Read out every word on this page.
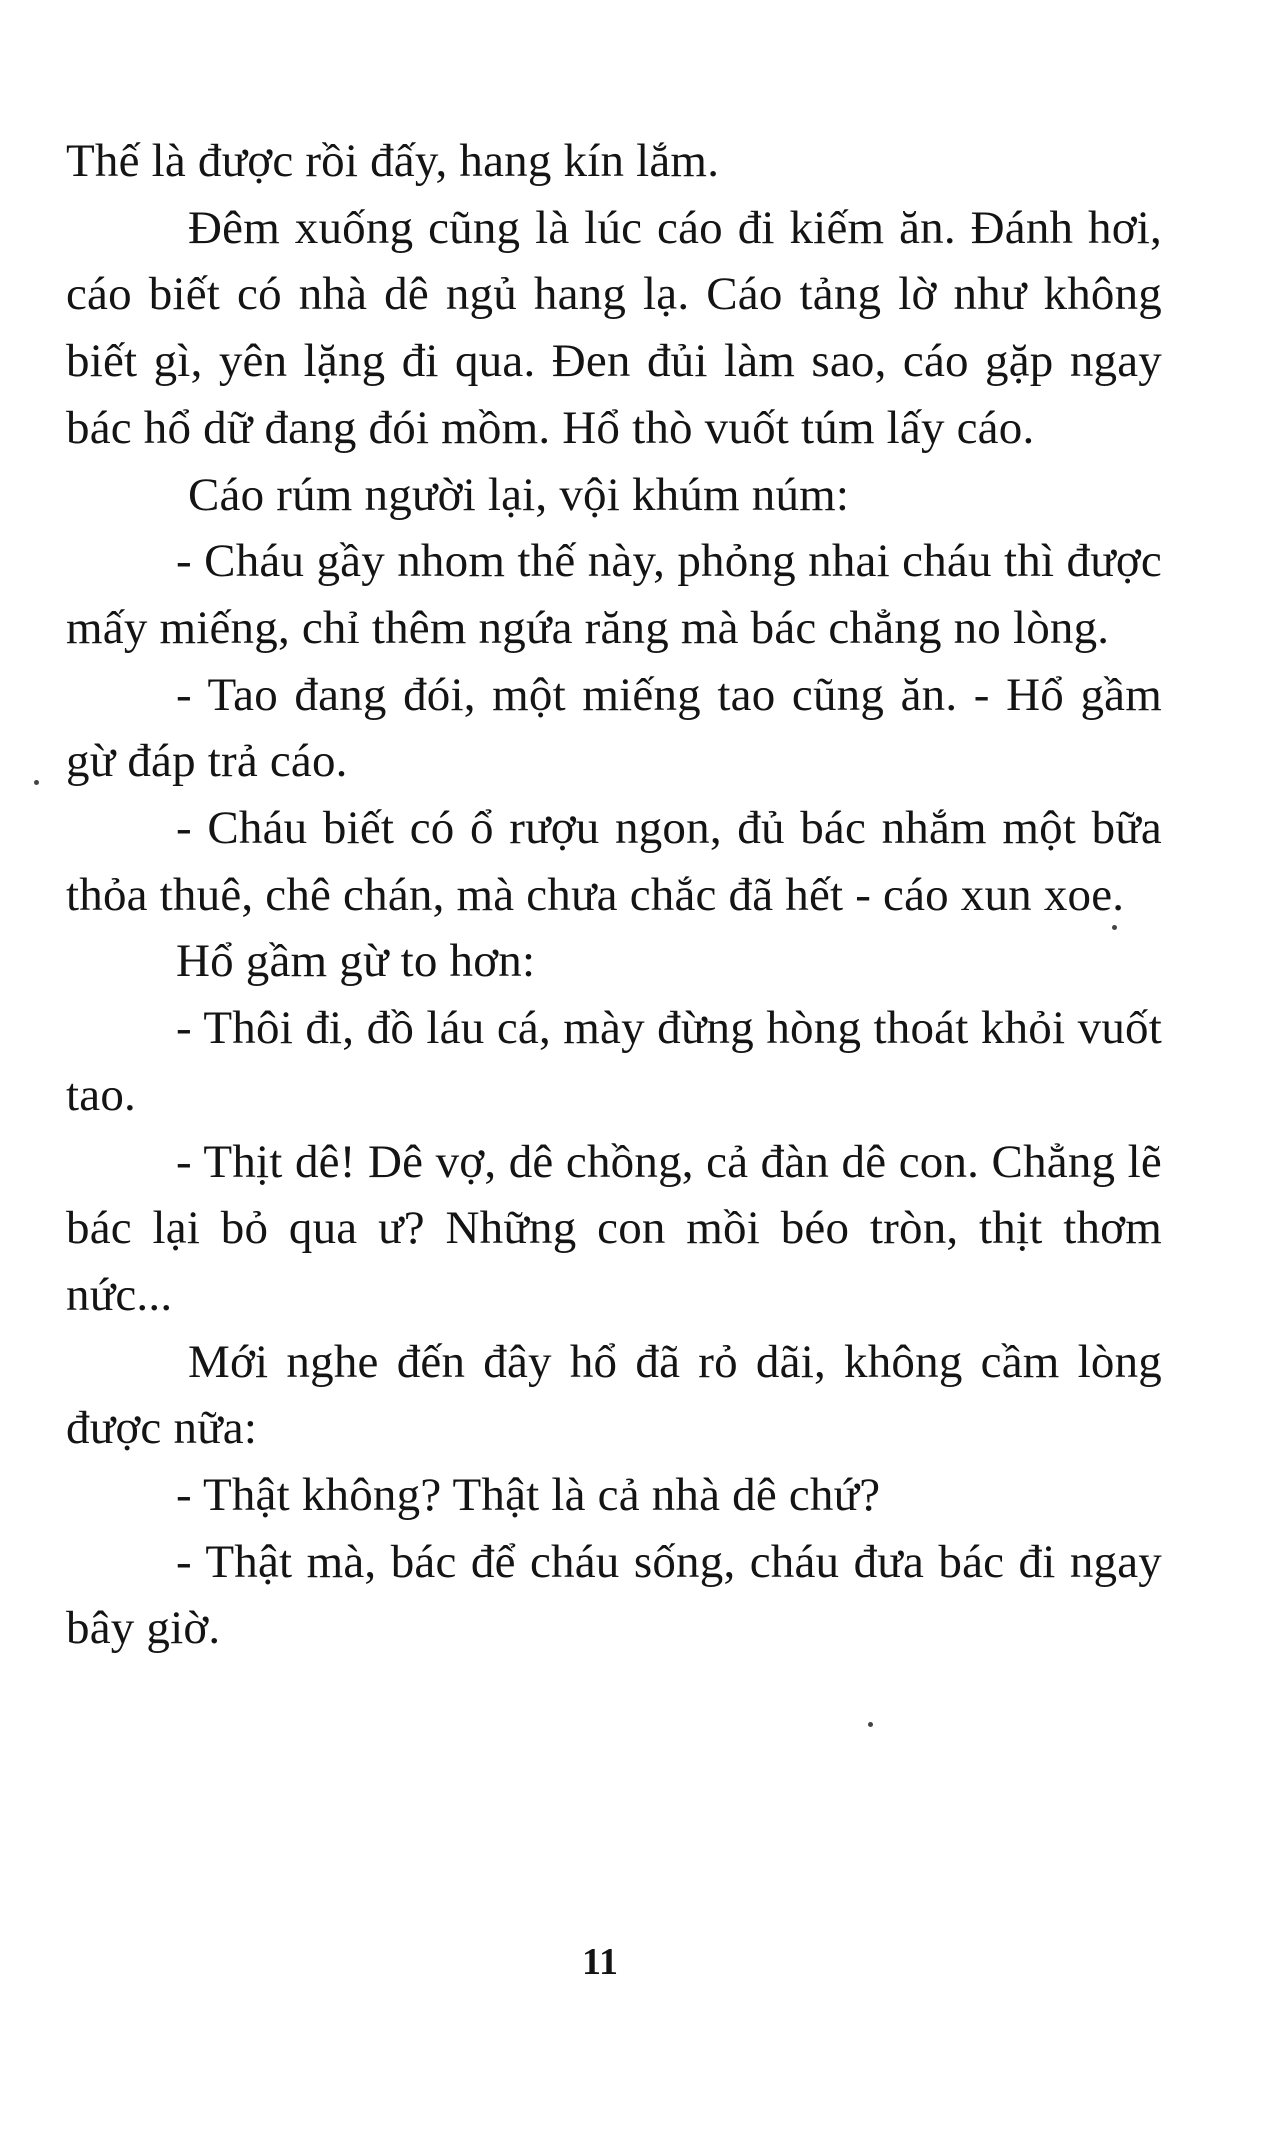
Thế là được rồi đấy, hang kín lắm.

Đêm xuống cũng là lúc cáo đi kiếm ăn. Đánh hơi, cáo biết có nhà dê ngủ hang lạ. Cáo tảng lờ như không biết gì, yên lặng đi qua. Đen đủi làm sao, cáo gặp ngay bác hổ dữ đang đói mồm. Hổ thò vuốt túm lấy cáo.

Cáo rúm người lại, vội khúm núm:

- Cháu gầy nhom thế này, phỏng nhai cháu thì được mấy miếng, chỉ thêm ngứa răng mà bác chẳng no lòng.

- Tao đang đói, một miếng tao cũng ăn. - Hổ gầm gừ đáp trả cáo.

- Cháu biết có ổ rượu ngon, đủ bác nhắm một bữa thỏa thuê, chê chán, mà chưa chắc đã hết - cáo xun xoe.

Hổ gầm gừ to hơn:

- Thôi đi, đồ láu cá, mày đừng hòng thoát khỏi vuốt tao.

- Thịt dê! Dê vợ, dê chồng, cả đàn dê con. Chẳng lẽ bác lại bỏ qua ư? Những con mồi béo tròn, thịt thơm nức...

Mới nghe đến đây hổ đã rỏ dãi, không cầm lòng được nữa:

- Thật không? Thật là cả nhà dê chứ?

- Thật mà, bác để cháu sống, cháu đưa bác đi ngay bây giờ.

11
